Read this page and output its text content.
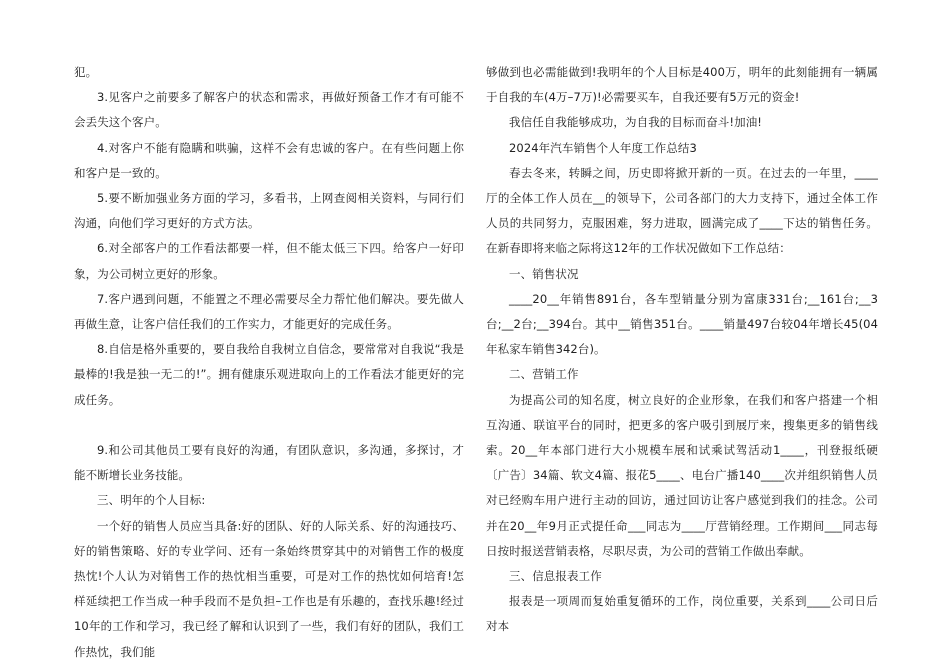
犯。

3.见客户之前要多了解客户的状态和需求，再做好预备工作才有可能不会丢失这个客户。

4.对客户不能有隐瞒和哄骗，这样不会有忠诚的客户。在有些问题上你和客户是一致的。

5.要不断加强业务方面的学习，多看书，上网查阅相关资料，与同行们沟通，向他们学习更好的方式方法。

6.对全部客户的工作看法都要一样，但不能太低三下四。给客户一好印象，为公司树立更好的形象。

7.客户遇到问题，不能置之不理必需要尽全力帮忙他们解决。要先做人再做生意，让客户信任我们的工作实力，才能更好的完成任务。

8.自信是格外重要的，要自我给自我树立自信念，要常常对自我说“我是最棒的!我是独一无二的!”。拥有健康乐观进取向上的工作看法才能更好的完成任务。

9.和公司其他员工要有良好的沟通，有团队意识，多沟通，多探讨，才能不断增长业务技能。

三、明年的个人目标:

一个好的销售人员应当具备:好的团队、好的人际关系、好的沟通技巧、好的销售策略、好的专业学问、还有一条始终贯穿其中的对销售工作的极度热忱!个人认为对销售工作的热忱相当重要，可是对工作的热忱如何培育!怎样延续把工作当成一种手段而不是负担–工作也是有乐趣的，查找乐趣!经过10年的工作和学习，我已经了解和认识到了一些，我们有好的团队，我们工作热忱，我们能

够做到也必需能做到!我明年的个人目标是400万，明年的此刻能拥有一辆属于自我的车(4万–7万)!必需要买车，自我还要有5万元的资金!

我信任自我能够成功，为自我的目标而奋斗!加油!

2024年汽车销售个人年度工作总结3

春去冬来，转瞬之间，历史即将掀开新的一页。在过去的一年里，____厅的全体工作人员在__的领导下，公司各部门的大力支持下，通过全体工作人员的共同努力，克服困难，努力进取，圆满完成了____下达的销售任务。在新春即将来临之际将这12年的工作状况做如下工作总结：

一、销售状况

____20__年销售891台，各车型销量分别为富康331台;__161台;__3台;__2台;__394台。其中__销售351台。____销量497台较04年增长45(04年私家车销售342台)。

二、营销工作

为提高公司的知名度，树立良好的企业形象，在我们和客户搭建一个相互沟通、联谊平台的同时，把更多的客户吸引到展厅来，搜集更多的销售线索。20__年本部门进行大小规模车展和试乘试驾活动1____，刊登报纸硬〔广告〕34篇、软文4篇、报花5____、电台广播140____次并组织销售人员对已经购车用户进行主动的回访，通过回访让客户感觉到我们的挂念。公司并在20__年9月正式提任命___同志为____厅营销经理。工作期间___同志每日按时报送营销表格，尽职尽责，为公司的营销工作做出奉献。

三、信息报表工作

报表是一项周而复始重复循环的工作，岗位重要，关系到____公司日后对本
